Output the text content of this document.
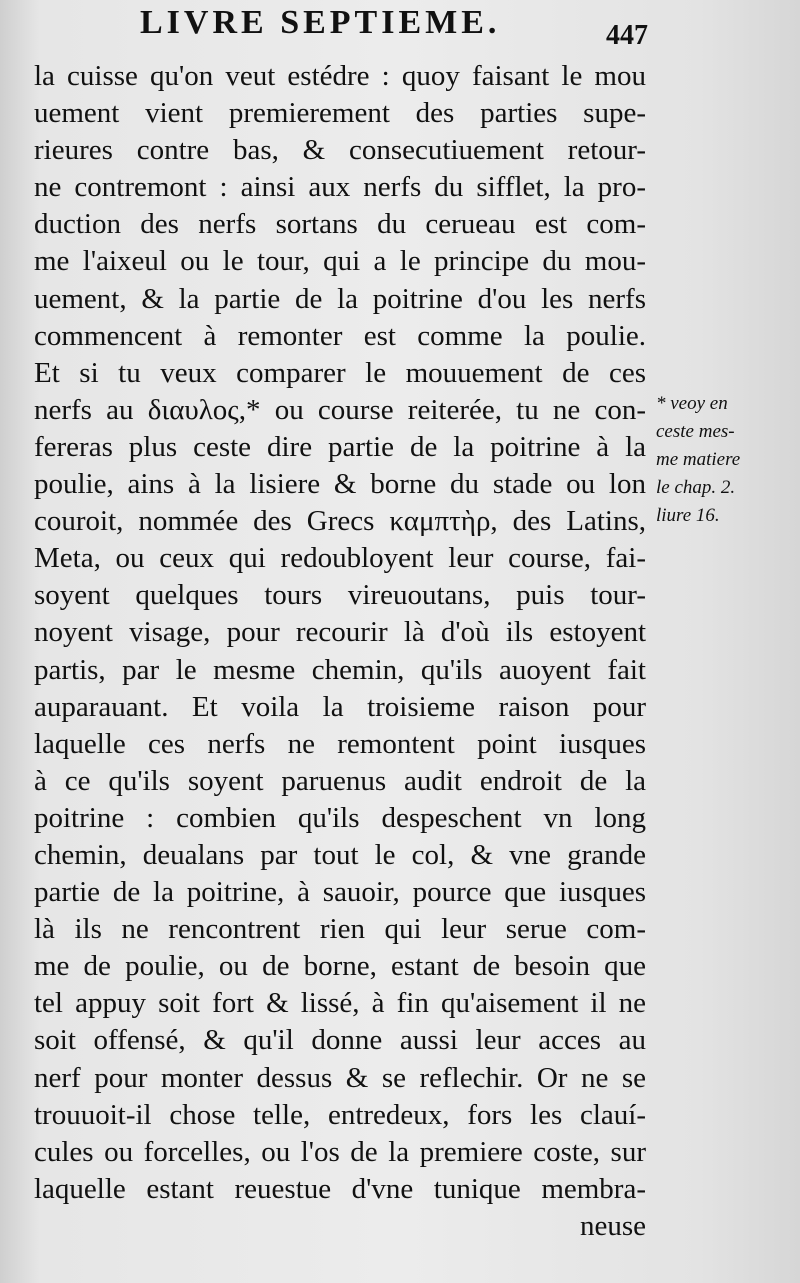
LIVRE SEPTIEME.	447
la cuisse qu'on veut estédre : quoy faisant le mou
uement vient premierement des parties supe-
rieures contre bas, & consecutiuement retour-
ne contremont : ainsi aux nerfs du sifflet, la pro-
duction des nerfs sortans du cerueau est com-
me l'aixeul ou le tour, qui a le principe du mou-
uement, & la partie de la poitrine d'ou les nerfs
commencent à remonter est comme la poulie.
Et si tu veux comparer le mouuement de ces
nerfs au διαυλος,* ou course reiterée, tu ne con-
fereras plus ceste dire partie de la poitrine à la
poulie, ains à la lisiere & borne du stade ou lon
couroit, nommée des Grecs καμπτὴρ, des Latins,
Meta, ou ceux qui redoubloyent leur course, fai-
soyent quelques tours vireuoutans, puis tour-
noyent visage, pour recourir là d'où ils estoyent
partis, par le mesme chemin, qu'ils auoyent fait
auparauant. Et voila la troisieme raison pour
laquelle ces nerfs ne remontent point iusques
à ce qu'ils soyent paruenus audit endroit de la
poitrine : combien qu'ils despeschent vn long
chemin, deualans par tout le col, & vne grande
partie de la poitrine, à sauoir, pource que iusques
là ils ne rencontrent rien qui leur serue com-
me de poulie, ou de borne, estant de besoin que
tel appuy soit fort & lissé, à fin qu'aisement il ne
soit offensé, & qu'il donne aussi leur acces au
nerf pour monter dessus & se reflechir. Or ne se
trouuoit-il chose telle, entredeux, fors les clauí-
cules ou forcelles, ou l'os de la premiere coste, sur
laquelle estant reuestue d'vne tunique membra-
neuse
* veoy en
ceste mes-
me matiere
le chap. 2.
liure 16.
